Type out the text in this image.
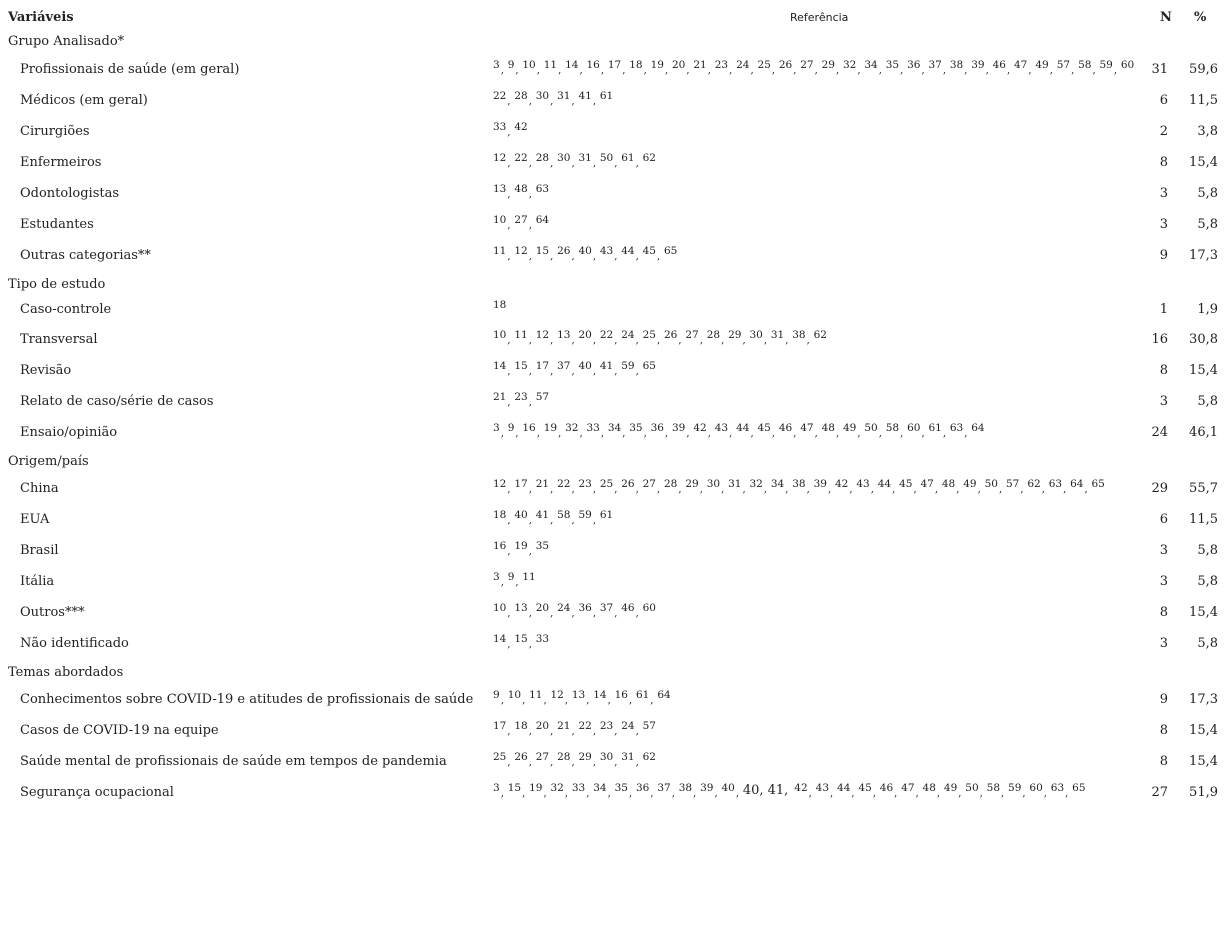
Variáveis	Referência	N %
Grupo Analisado*
Profissionais de saúde (em geral)	3 , 9 , 10 , 11 , 14 , 16 , 17 , 18 , 19 , 20 , 21 , 23 , 24 , 25 , 26 , 27 , 29 , 32 , 34 , 35 , 36 , 37 , 38 , 39 , 46 , 47 , 49 , 57 , 58 , 59 , 60	31	59,6
Médicos (em geral)	22 , 28 , 30 , 31 , 41 , 61	6	11,5
Cirurgiões	33 , 42	2	3,8
Enfermeiros	12 , 22 , 28 , 30 , 31 , 50 , 61 , 62	8	15,4
Odontologistas	13 , 48 , 63	3	5,8
Estudantes	10 , 27 , 64	3	5,8
Outras categorias**	11 , 12 , 15 , 26 , 40 , 43 , 44 , 45 , 65	9	17,3
Tipo de estudo
Caso-controle	18	1	1,9
Transversal	10 , 11 , 12 , 13 , 20 , 22 , 24 , 25 , 26 , 27 , 28 , 29 , 30 , 31 , 38 , 62	16	30,8
Revisão	14 , 15 , 17 , 37 , 40 , 41 , 59 , 65	8	15,4
Relato de caso/série de casos	21 , 23 , 57	3	5,8
Ensaio/opinião	3 , 9 , 16 , 19 , 32 , 33 , 34 , 35 , 36 , 39 , 42 , 43 , 44 , 45 , 46 , 47 , 48 , 49 , 50 , 58 , 60 , 61 , 63 , 64	24	46,1
Origem/país
China	12 , 17 , 21 , 22 , 23 , 25 , 26 , 27 , 28 , 29 , 30 , 31 , 32 , 34 , 38 , 39 , 42 , 43 , 44 , 45 , 47 , 48 , 49 , 50 , 57 , 62 , 63 , 64 , 65	29	55,7
EUA	18 , 40 , 41 , 58 , 59 , 61	6	11,5
Brasil	16 , 19 , 35	3	5,8
Itália	3 , 9 , 11	3	5,8
Outros***	10 , 13 , 20 , 24 , 36 , 37 , 46 , 60	8	15,4
Não identificado	14 , 15 , 33	3	5,8
Temas abordados
Conhecimentos sobre COVID-19 e atitudes de profissionais de saúde 9 , 10 , 11 , 12 , 13 , 14 , 16 , 61 , 64	9	17,3
Casos de COVID-19 na equipe	17 , 18 , 20 , 21 , 22 , 23 , 24 , 57	8	15,4
Saúde mental de profissionais de saúde em tempos de pandemia	25 , 26 , 27 , 28 , 29 , 30 , 31 , 62	8	15,4
Segurança ocupacional	3 , 15 , 19 , 32 , 33 , 34 , 35 , 36 , 37 , 38 , 39 , 40 , 40, 41, 42 , 43 , 44 , 45 , 46 , 47 , 48 , 49 , 50 , 58 , 59 , 60 , 63 , 65	27	51,9
